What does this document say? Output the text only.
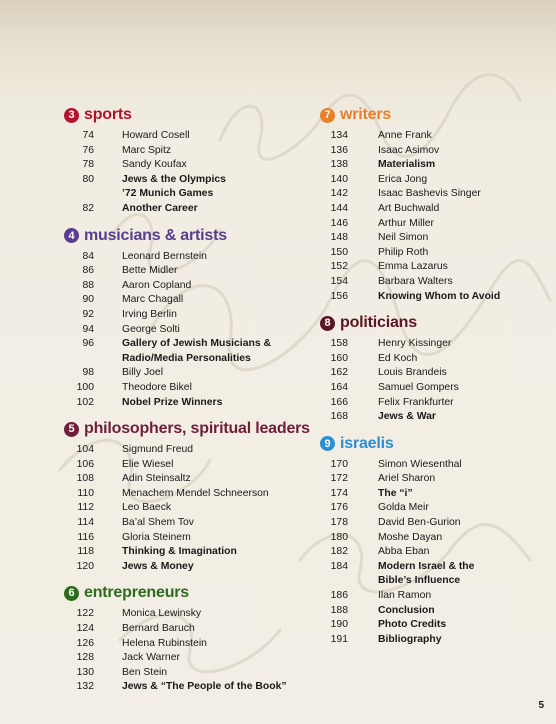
3 sports
74	Howard Cosell
76	Marc Spitz
78	Sandy Koufax
80	Jews & the Olympics
’72 Munich Games
82	Another Career
4 musicians & artists
84	Leonard Bernstein
86	Bette Midler
88	Aaron Copland
90	Marc Chagall
92	Irving Berlin
94	George Solti
96	Gallery of Jewish Musicians &
Radio/Media Personalities
98	Billy Joel
100	Theodore Bikel
102	Nobel Prize Winners
5 philosophers, spiritual leaders
104	Sigmund Freud
106	Elie Wiesel
108	Adin Steinsaltz
110	Menachem Mendel Schneerson
112	Leo Baeck
114	Ba’al Shem Tov
116	Gloria Steinem
118	Thinking & Imagination
120	Jews & Money
6 entrepreneurs
122	Monica Lewinsky
124	Bernard Baruch
126	Helena Rubinstein
128	Jack Warner
130	Ben Stein
132	Jews & “The People of the Book”
7 writers
134	Anne Frank
136	Isaac Asimov
138	Materialism
140	Erica Jong
142	Isaac Bashevis Singer
144	Art Buchwald
146	Arthur Miller
148	Neil Simon
150	Philip Roth
152	Emma Lazarus
154	Barbara Walters
156	Knowing Whom to Avoid
8 politicians
158	Henry Kissinger
160	Ed Koch
162	Louis Brandeis
164	Samuel Gompers
166	Felix Frankfurter
168	Jews & War
9 israelis
170	Simon Wiesenthal
172	Ariel Sharon
174	The “i”
176	Golda Meir
178	David Ben-Gurion
180	Moshe Dayan
182	Abba Eban
184	Modern Israel & the
Bible’s Influence
186	Ilan Ramon
188	Conclusion
190	Photo Credits
191	Bibliography
5
